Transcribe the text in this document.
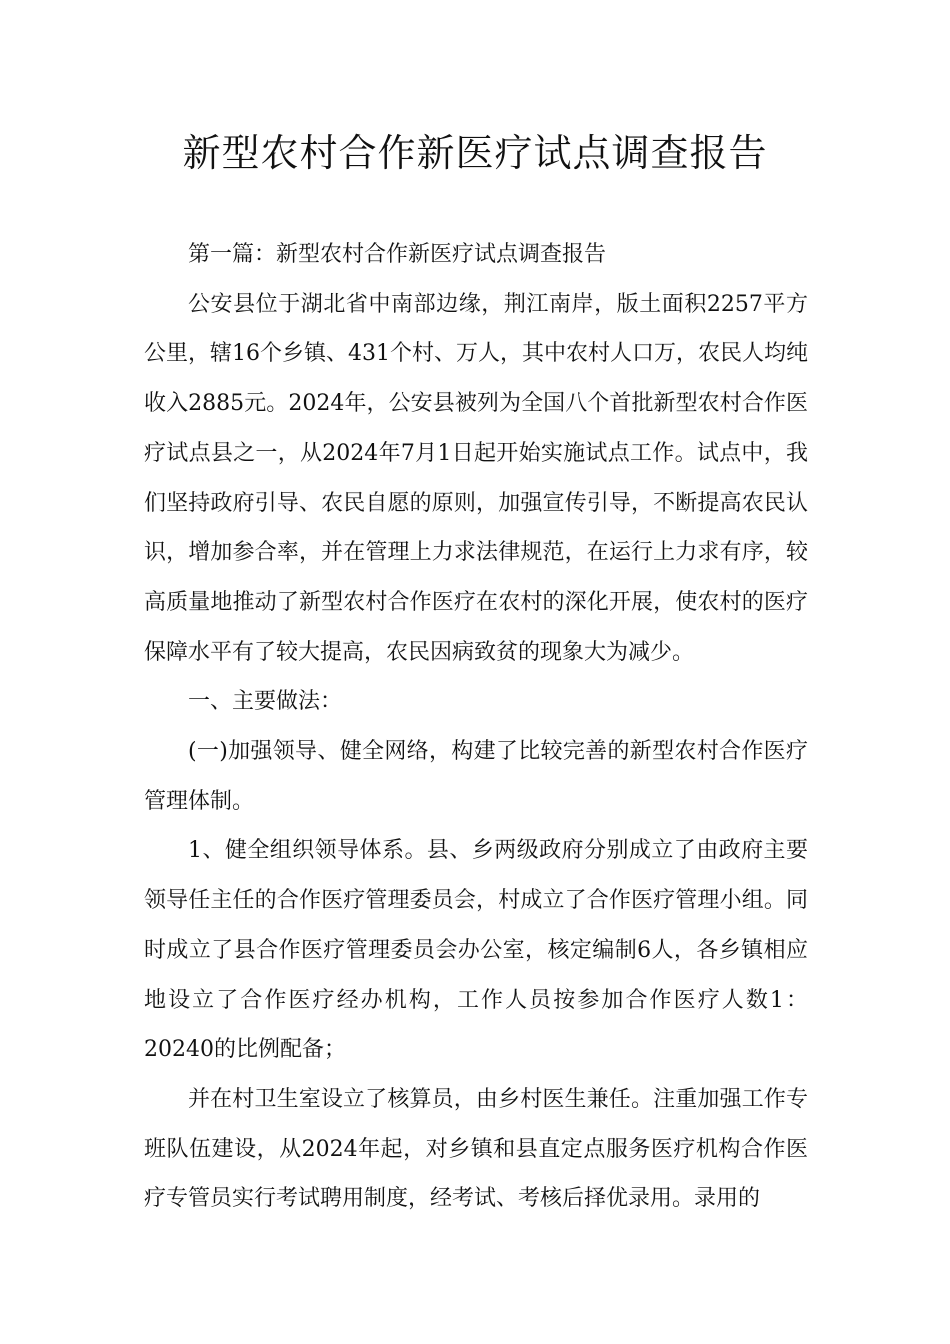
新型农村合作新医疗试点调查报告

第一篇：新型农村合作新医疗试点调查报告

公安县位于湖北省中南部边缘，荆江南岸，版土面积2257平方公里，辖16个乡镇、431个村、万人，其中农村人口万，农民人均纯收入2885元。2024年，公安县被列为全国八个首批新型农村合作医疗试点县之一，从2024年7月1日起开始实施试点工作。试点中，我们坚持政府引导、农民自愿的原则，加强宣传引导，不断提高农民认识，增加参合率，并在管理上力求法律规范，在运行上力求有序，较高质量地推动了新型农村合作医疗在农村的深化开展，使农村的医疗保障水平有了较大提高，农民因病致贫的现象大为减少。

一、主要做法：

(一)加强领导、健全网络，构建了比较完善的新型农村合作医疗管理体制。

1、健全组织领导体系。县、乡两级政府分别成立了由政府主要领导任主任的合作医疗管理委员会，村成立了合作医疗管理小组。同时成立了县合作医疗管理委员会办公室，核定编制6人，各乡镇相应地设立了合作医疗经办机构，工作人员按参加合作医疗人数1：20240的比例配备；

并在村卫生室设立了核算员，由乡村医生兼任。注重加强工作专班队伍建设，从2024年起，对乡镇和县直定点服务医疗机构合作医疗专管员实行考试聘用制度，经考试、考核后择优录用。录用的
